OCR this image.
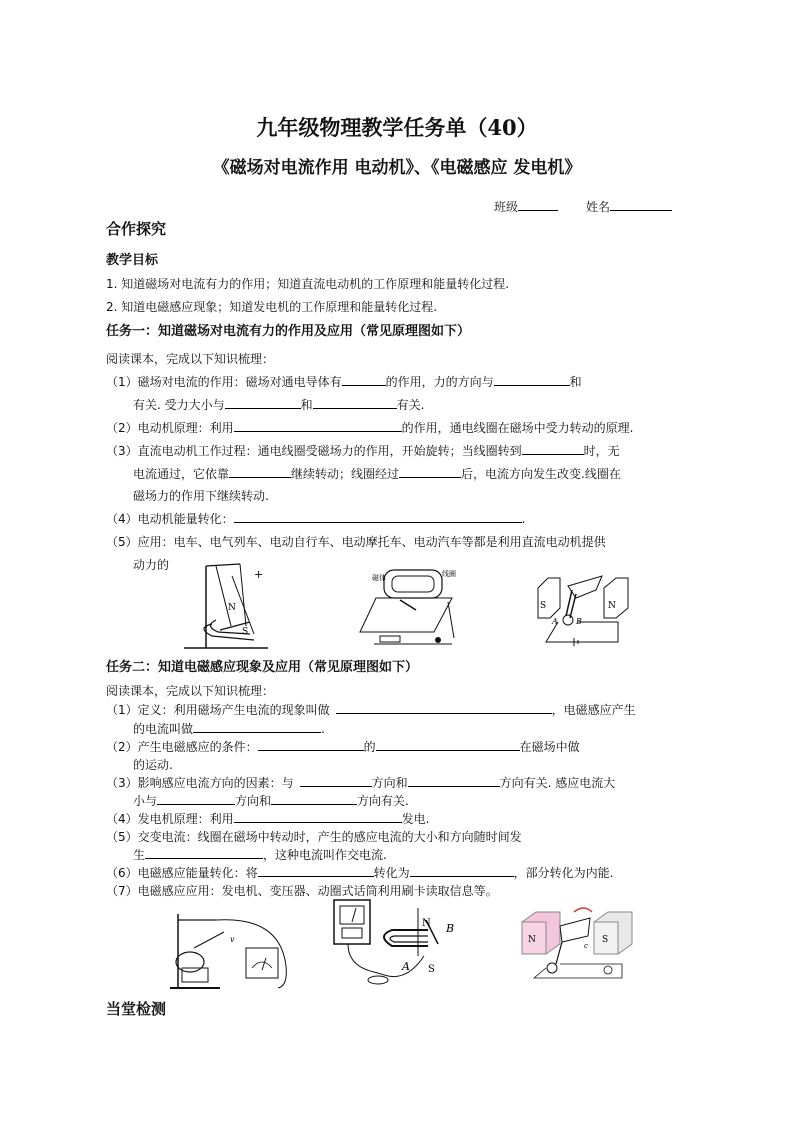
九年级物理教学任务单（40）
《磁场对电流作用 电动机》、《电磁感应 发电机》
班级	姓名
合作探究
教学目标
1. 知道磁场对电流有力的作用；知道直流电动机的工作原理和能量转化过程.
2. 知道电磁感应现象；知道发电机的工作原理和能量转化过程.
任务一：知道磁场对电流有力的作用及应用（常见原理图如下）
阅读课本，完成以下知识梳理：
（1）磁场对电流的作用：磁场对通电导体有	的作用，力的方向与	和
有关. 受力大小与	和	有关.
（2）电动机原理：利用	的作用，通电线圈在磁场中受力转动的原理.
（3）直流电动机工作过程：通电线圈受磁场力的作用，开始旋转；当线圈转到	时，无
电流通过，它依靠	继续转动；线圈经过	后，电流方向发生改变.线圈在
磁场力的作用下继续转动.
（4）电动机能量转化：	.
（5）应用：电车、电气列车、电动自行车、电动摩托车、电动汽车等都是利用直流电动机提供
动力的
+
N
S
磁体	线圈
S	N
A B
任务二：知道电磁感应现象及应用（常见原理图如下）
阅读课本，完成以下知识梳理：
（1）定义：利用磁场产生电流的现象叫做	，电磁感应产生
的电流叫做	.
（2）产生电磁感应的条件：	的	在磁场中做
的运动.
（3）影响感应电流方向的因素：与	方向和	方向有关. 感应电流大
小与	方向和	方向有关.
（4）发电机原理：利用	发电.
（5）交变电流：线圈在磁场中转动时，产生的感应电流的大小和方向随时间发
生	，这种电流叫作交电流.
（6）电磁感应能量转化：将	转化为	，部分转化为内能.
（7）电磁感应应用：发电机、变压器、动圈式话筒利用刷卡读取信息等。
v
N
S
B
A
N	S
c
当堂检测
